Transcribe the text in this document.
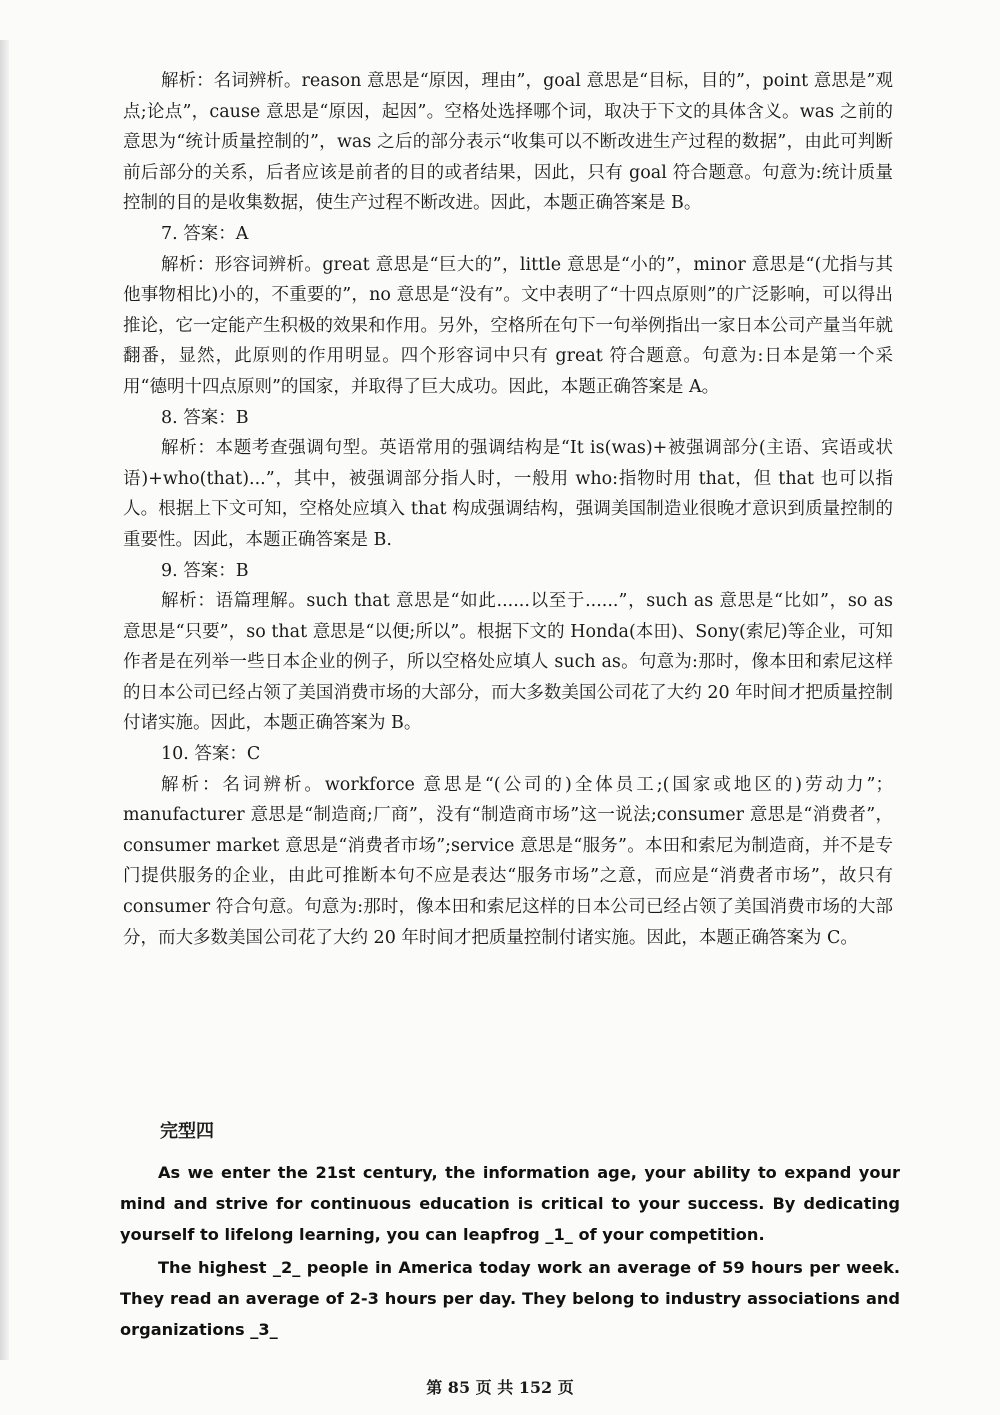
解析：名词辨析。reason 意思是“原因，理由”，goal 意思是“目标，目的”，point 意思是”观点;论点”，cause 意思是“原因，起因”。空格处选择哪个词，取决于下文的具体含义。was 之前的意思为“统计质量控制的”，was 之后的部分表示“收集可以不断改进生产过程的数据”，由此可判断前后部分的关系，后者应该是前者的目的或者结果，因此，只有 goal 符合题意。句意为:统计质量控制的目的是收集数据，使生产过程不断改进。因此，本题正确答案是 B。

7. 答案：A

解析：形容词辨析。great 意思是“巨大的”，little 意思是“小的”，minor 意思是“(尤指与其他事物相比)小的，不重要的”，no 意思是“没有”。文中表明了“十四点原则”的广泛影响，可以得出推论，它一定能产生积极的效果和作用。另外，空格所在句下一句举例指出一家日本公司产量当年就翻番，显然，此原则的作用明显。四个形容词中只有 great 符合题意。句意为:日本是第一个采用“德明十四点原则”的国家，并取得了巨大成功。因此，本题正确答案是 A。

8. 答案：B

解析：本题考查强调句型。英语常用的强调结构是“It is(was)+被强调部分(主语、宾语或状语)+who(that)...”，其中，被强调部分指人时，一般用 who:指物时用 that，但 that 也可以指人。根据上下文可知，空格处应填入 that 构成强调结构，强调美国制造业很晚才意识到质量控制的重要性。因此，本题正确答案是 B.

9. 答案：B

解析：语篇理解。such that 意思是“如此......以至于......”，such as 意思是“比如”，so as 意思是“只要”，so that 意思是“以便;所以”。根据下文的 Honda(本田)、Sony(索尼)等企业，可知作者是在列举一些日本企业的例子，所以空格处应填人 such as。句意为:那时，像本田和索尼这样的日本公司已经占领了美国消费市场的大部分，而大多数美国公司花了大约 20 年时间才把质量控制付诸实施。因此，本题正确答案为 B。

10. 答案：C

解析：名词辨析。workforce 意思是“(公司的)全体员工;(国家或地区的)劳动力”；manufacturer 意思是“制造商;厂商”，没有“制造商市场”这一说法;consumer 意思是“消费者”，consumer market 意思是“消费者市场”;service 意思是“服务”。本田和索尼为制造商，并不是专门提供服务的企业，由此可推断本句不应是表达“服务市场”之意，而应是“消费者市场”，故只有 consumer 符合句意。句意为:那时，像本田和索尼这样的日本公司已经占领了美国消费市场的大部分，而大多数美国公司花了大约 20 年时间才把质量控制付诸实施。因此，本题正确答案为 C。

完型四

As we enter the 21st century, the information age, your ability to expand your mind and strive for continuous education is critical to your success. By dedicating yourself to lifelong learning, you can leapfrog _1_ of your competition.

The highest _2_ people in America today work an average of 59 hours per week. They read an average of 2-3 hours per day. They belong to industry associations and organizations _3_

第 85 页 共 152 页
